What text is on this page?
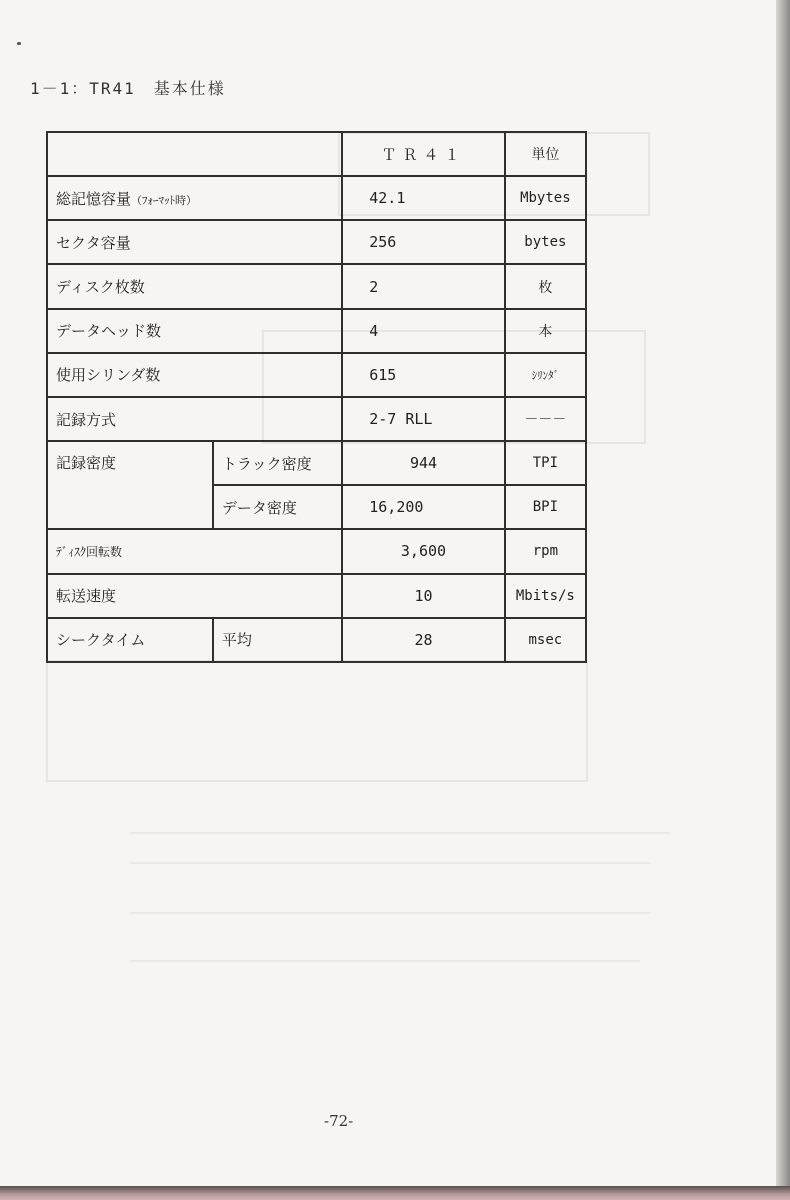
1－1：TR41　基本仕様
		ＴＲ４１	単位
総記憶容量（ﾌｫｰﾏｯﾄ時）		42.1	Mbytes
セクタ容量		256	bytes
ディスク枚数		2	枚
データヘッド数		4	本
使用シリンダ数		615	ｼﾘﾝﾀﾞ
記録方式		2-7 RLL	－－－
記録密度	トラック密度	944	TPI
	データ密度	16,200	BPI
ﾃﾞｨｽｸ回転数		3,600	rpm
転送速度		10	Mbits/s
シークタイム	平均	28	msec
-72-
